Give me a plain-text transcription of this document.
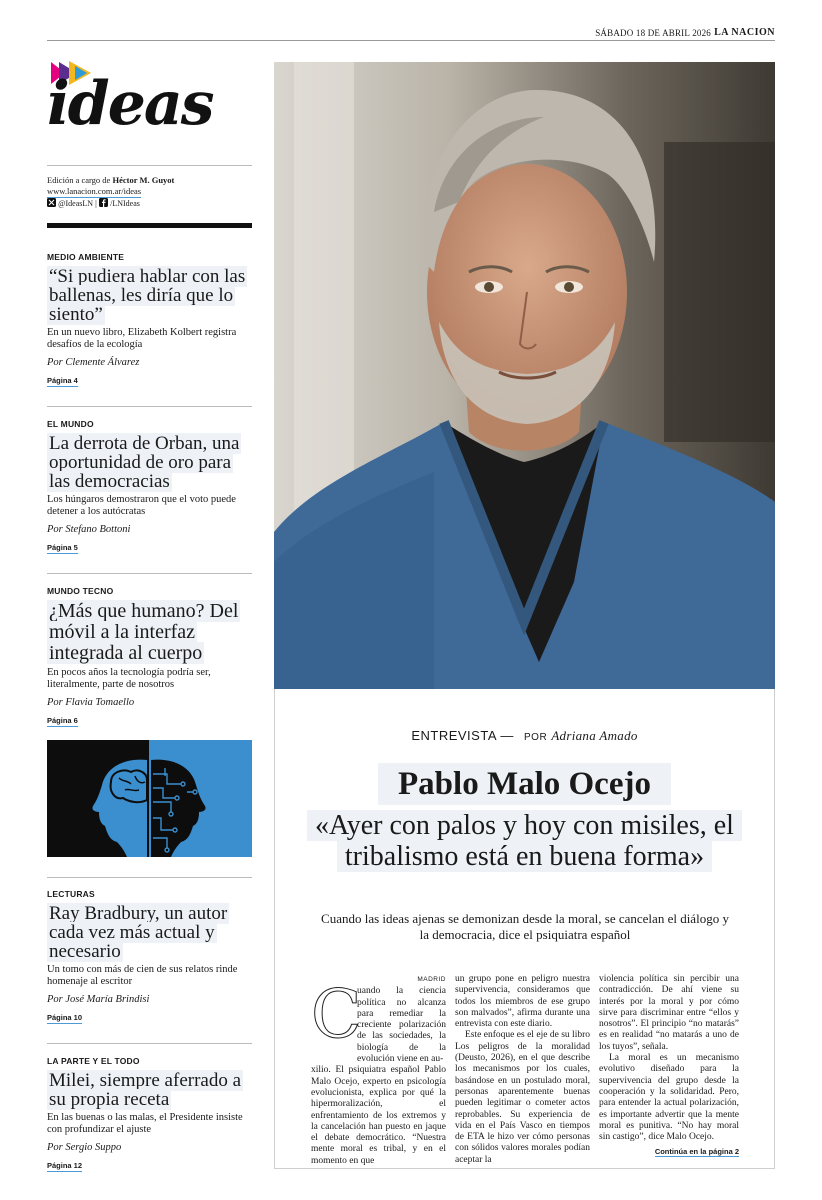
SÁBADO 18 DE ABRIL 2026 LA NACION
ideas
Edición a cargo de Héctor M. Guyot
www.lanacion.com.ar/ideas
@IdeasLN |  /LNIdeas
MEDIO AMBIENTE
“Si pudiera hablar con las ballenas, les diría que lo siento”
En un nuevo libro, Elizabeth Kolbert registra desafíos de la ecología
Por Clemente Álvarez
Página 4
EL MUNDO
La derrota de Orban, una oportunidad de oro para las democracias
Los húngaros demostraron que el voto puede detener a los autócratas
Por Stefano Bottoni
Página 5
MUNDO TECNO
¿Más que humano? Del móvil a la interfaz integrada al cuerpo
En pocos años la tecnología podría ser, literalmente, parte de nosotros
Por Flavia Tomaello
Página 6
LECTURAS
Ray Bradbury, un autor cada vez más actual y necesario
Un tomo con más de cien de sus relatos rinde homenaje al escritor
Por José María Brindisi
Página 10
LA PARTE Y EL TODO
Milei, siempre aferrado a su propia receta
En las buenas o las malas, el Presidente insiste con profundizar el ajuste
Por Sergio Suppo
Página 12
ENTREVISTA — POR Adriana Amado
Pablo Malo Ocejo
«Ayer con palos y hoy con misiles, el tribalismo está en buena forma»
Cuando las ideas ajenas se demonizan desde la moral, se cancelan el diálogo y la democracia, dice el psiquiatra español
C	MADRID
uando la ciencia política no alcanza para remediar la creciente polarización de las sociedades, la biología de la evolución viene en au-
xilio. El psiquiatra español Pablo Malo Ocejo, experto en psicología evolucionista, explica por qué la hipermoralización, el enfrentamiento de los extremos y la cancelación han puesto en jaque el debate democrático. “Nuestra mente moral es tribal, y en el momento en que
un grupo pone en peligro nuestra supervivencia, consideramos que todos los miembros de ese grupo son malvados”, afirma durante una entrevista con este diario.
Este enfoque es el eje de su libro Los peligros de la moralidad (Deusto, 2026), en el que describe los mecanismos por los cuales, basándose en un postulado moral, personas aparentemente buenas pueden legitimar o cometer actos reprobables. Su experiencia de vida en el País Vasco en tiempos de ETA le hizo ver cómo personas con sólidos valores morales podían aceptar la
violencia política sin percibir una contradicción. De ahí viene su interés por la moral y por cómo sirve para discriminar entre “ellos y nosotros”. El principio “no matarás” es en realidad “no matarás a uno de los tuyos”, señala.
La moral es un mecanismo evolutivo diseñado para la supervivencia del grupo desde la cooperación y la solidaridad. Pero, para entender la actual polarización, es importante advertir que la mente moral es punitiva. “No hay moral sin castigo”, dice Malo Ocejo.
Continúa en la página 2
